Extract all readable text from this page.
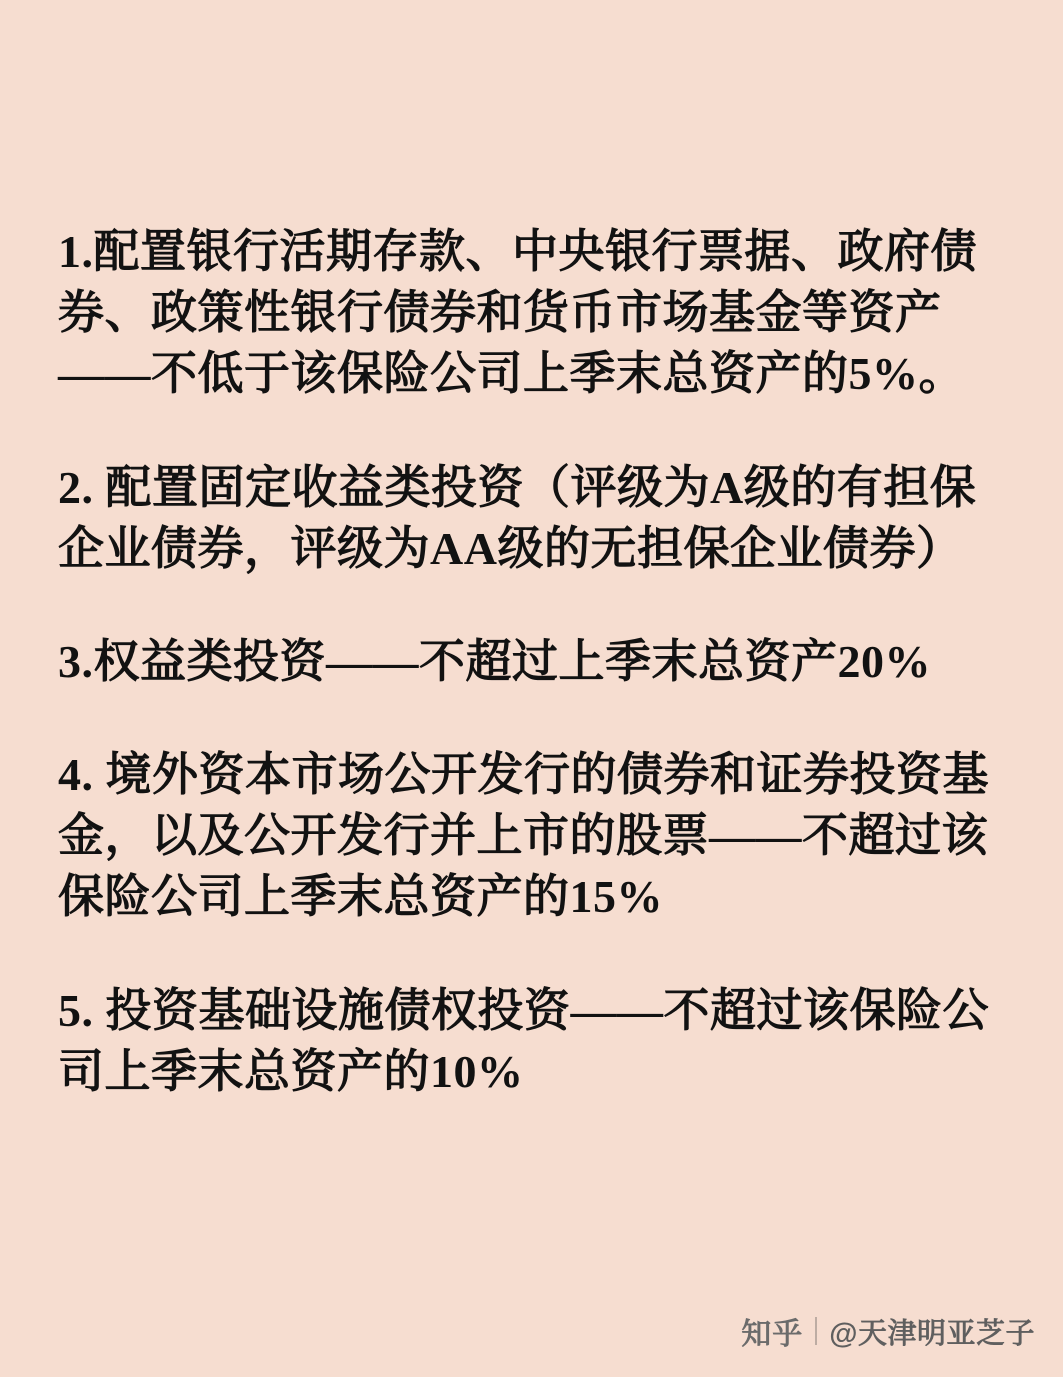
1.配置银行活期存款、中央银行票据、政府债券、政策性银行债券和货币市场基金等资产——不低于该保险公司上季末总资产的5%。

2. 配置固定收益类投资（评级为A级的有担保企业债券，评级为AA级的无担保企业债券）

3.权益类投资——不超过上季末总资产20%

4. 境外资本市场公开发行的债券和证券投资基金，以及公开发行并上市的股票——不超过该保险公司上季末总资产的15%

5. 投资基础设施债权投资——不超过该保险公司上季末总资产的10%

知乎 @天津明亚芝子
